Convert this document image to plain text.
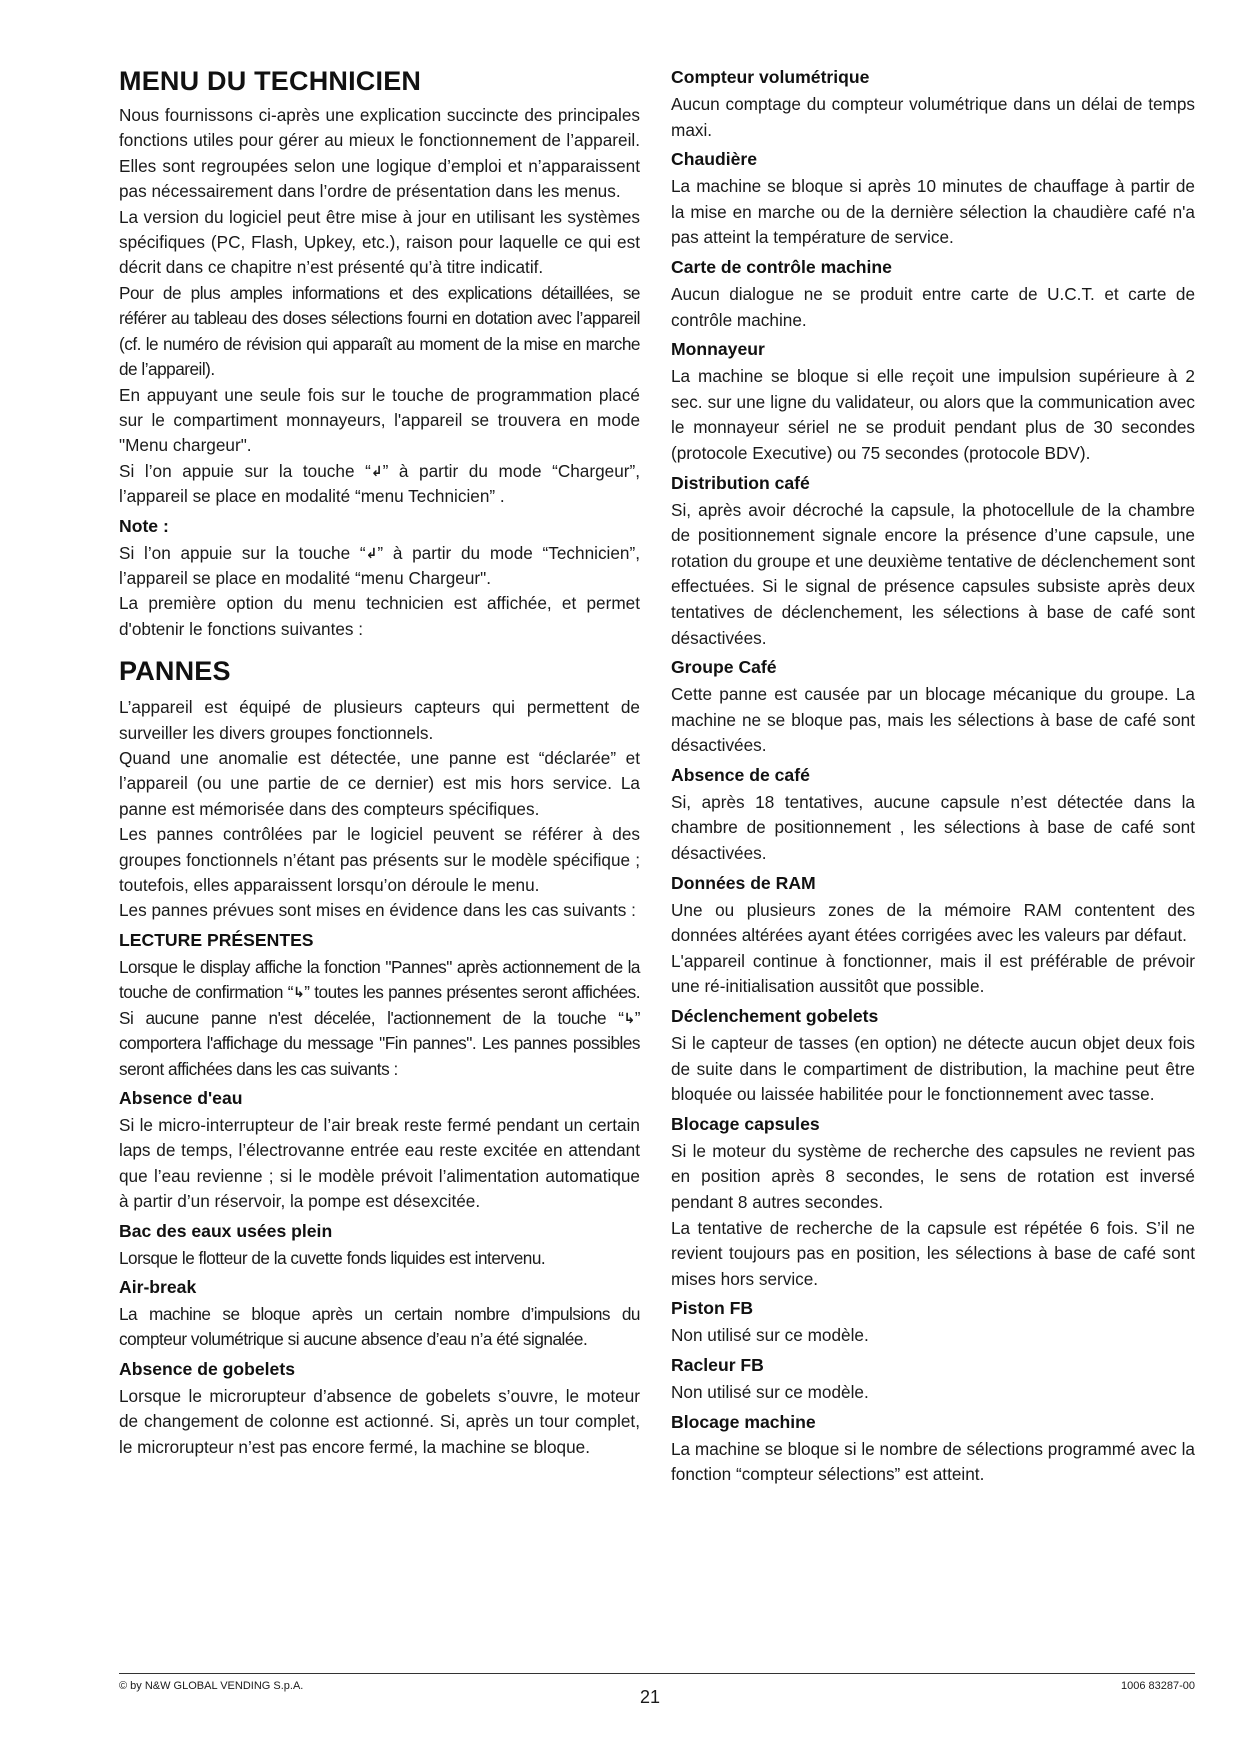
MENU DU TECHNICIEN

Nous fournissons ci-après une explication succincte des principales fonctions utiles pour gérer au mieux le fonctionnement de l’appareil. Elles sont regroupées selon une logique d’emploi et n’apparaissent pas nécessairement dans l’ordre de présentation dans les menus.

La version du logiciel peut être mise à jour en utilisant les systèmes spécifiques (PC, Flash, Upkey, etc.), raison pour laquelle ce qui est décrit dans ce chapitre n’est présenté qu’à titre indicatif.

Pour de plus amples informations et des explications détaillées, se référer au tableau des doses sélections fourni en dotation avec l’appareil (cf. le numéro de révision qui apparaît au moment de la mise en marche de l’appareil).

En appuyant une seule fois sur le touche de programmation placé sur le compartiment monnayeurs, l'appareil se trouvera en mode "Menu chargeur".

Si l’on appuie sur la touche “↲” à partir du mode “Chargeur”, l’appareil se place en modalité “menu Technicien” .

Note :

Si l’on appuie sur la touche “↲” à partir du mode “Technicien”, l’appareil se place en modalité “menu Chargeur".

La première option du menu technicien est affichée, et permet d'obtenir le fonctions suivantes :

PANNES

L’appareil est équipé de plusieurs capteurs qui permettent de surveiller les divers groupes fonctionnels.

Quand une anomalie est détectée, une panne est “déclarée” et l’appareil (ou une partie de ce dernier) est mis hors service. La panne est mémorisée dans des compteurs spécifiques.

Les pannes contrôlées par le logiciel peuvent se référer à des groupes fonctionnels n’étant pas présents sur le modèle spécifique ; toutefois, elles apparaissent lorsqu’on déroule le menu.

Les pannes prévues sont mises en évidence dans les cas suivants :

LECTURE PRÉSENTES

Lorsque le display affiche la fonction "Pannes" après actionnement de la touche de confirmation “↳” toutes les pannes présentes seront affichées. Si aucune panne n'est décelée, l'actionnement de la touche “↳” comportera l'affichage du message "Fin pannes". Les pannes possibles seront affichées dans les cas suivants :

Absence d'eau

Si le micro-interrupteur de l’air break reste fermé pendant un certain laps de temps, l’électrovanne entrée eau reste excitée en attendant que l’eau revienne ; si le modèle prévoit l’alimentation automatique à partir d’un réservoir, la pompe est désexcitée.

Bac des eaux usées plein

Lorsque le flotteur de la cuvette fonds liquides est intervenu.

Air-break

La machine se bloque après un certain nombre d’impulsions du compteur volumétrique si aucune absence d’eau n’a été signalée.

Absence de gobelets

Lorsque le microrupteur d’absence de gobelets s’ouvre, le moteur de changement de colonne est actionné. Si, après un tour complet, le microrupteur n’est pas encore fermé, la machine se bloque.

Compteur volumétrique

Aucun comptage du compteur volumétrique dans un délai de temps maxi.

Chaudière

La machine se bloque si après 10 minutes de chauffage à partir de la mise en marche ou de la dernière sélection la chaudière café n'a pas atteint la température de service.

Carte de contrôle machine

Aucun dialogue ne se produit entre carte de U.C.T. et carte de contrôle machine.

Monnayeur

La machine se bloque si elle reçoit une impulsion supérieure à 2 sec. sur une ligne du validateur, ou alors que la communication avec le monnayeur sériel ne se produit pendant plus de 30 secondes (protocole Executive) ou 75 secondes (protocole BDV).

Distribution café

Si, après avoir décroché la capsule, la photocellule de la chambre de positionnement signale encore la présence d’une capsule, une rotation du groupe et une deuxième tentative de déclenchement sont effectuées. Si le signal de présence capsules subsiste après deux tentatives de déclenchement, les sélections à base de café sont désactivées.

Groupe Café

Cette panne est causée par un blocage mécanique du groupe. La machine ne se bloque pas, mais les sélections à base de café sont désactivées.

Absence de café

Si, après 18 tentatives, aucune capsule n’est détectée dans la chambre de positionnement , les sélections à base de café sont désactivées.

Données de RAM

Une ou plusieurs zones de la mémoire RAM contentent des données altérées ayant étées corrigées avec les valeurs par défaut.

L'appareil continue à fonctionner, mais il est préférable de prévoir une ré-initialisation aussitôt que possible.

Déclenchement gobelets

Si le capteur de tasses (en option) ne détecte aucun objet deux fois de suite dans le compartiment de distribution, la machine peut être bloquée ou laissée habilitée pour le fonctionnement avec tasse.

Blocage capsules

Si le moteur du système de recherche des capsules ne revient pas en position après 8 secondes, le sens de rotation est inversé pendant 8 autres secondes.

La tentative de recherche de la capsule est répétée 6 fois. S’il ne revient toujours pas en position, les sélections à base de café sont mises hors service.

Piston FB

Non utilisé sur ce modèle.

Racleur FB

Non utilisé sur ce modèle.

Blocage machine

La machine se bloque si le nombre de sélections programmé avec la fonction “compteur sélections” est atteint.

© by N&W GLOBAL VENDING S.p.A.
21
1006 83287-00
